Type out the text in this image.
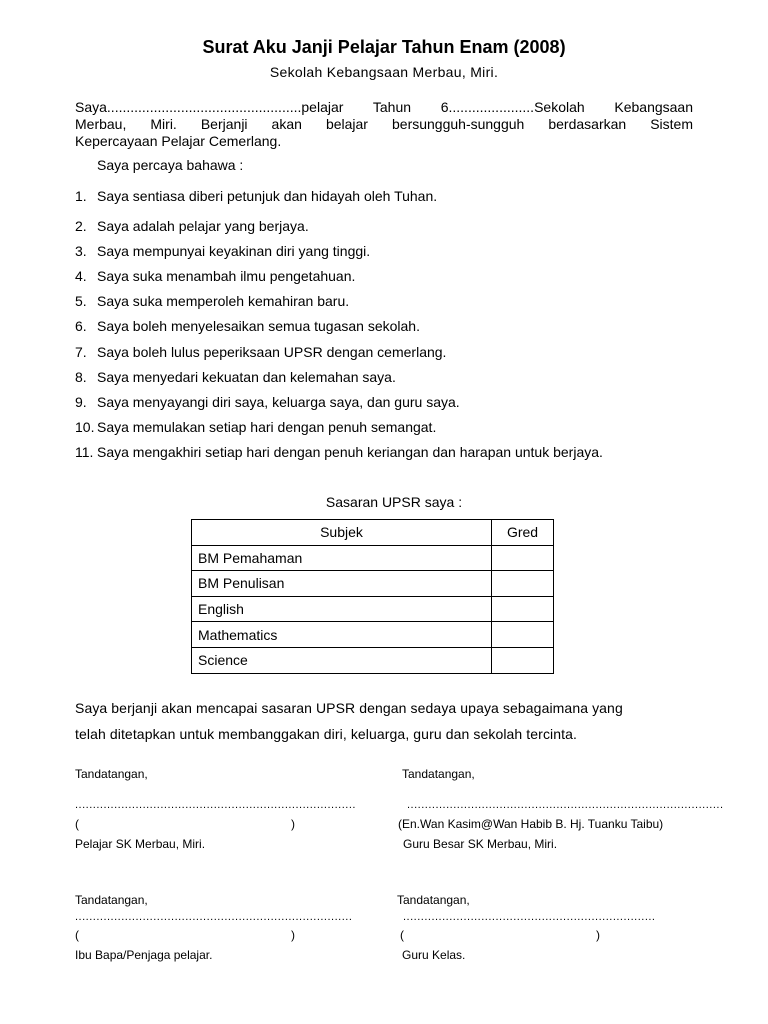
Surat Aku Janji Pelajar Tahun Enam (2008)
Sekolah Kebangsaan Merbau, Miri.
Saya..................................................pelajar Tahun 6......................Sekolah Kebangsaan
Merbau, Miri. Berjanji akan belajar bersungguh-sungguh berdasarkan Sistem
Kepercayaan Pelajar Cemerlang.
Saya percaya bahawa :
1. Saya sentiasa diberi petunjuk dan hidayah oleh Tuhan.
2. Saya adalah pelajar yang berjaya.
3. Saya mempunyai keyakinan diri yang tinggi.
4. Saya suka menambah ilmu pengetahuan.
5. Saya suka memperoleh kemahiran baru.
6. Saya boleh menyelesaikan semua tugasan sekolah.
7. Saya boleh lulus peperiksaan UPSR dengan cemerlang.
8. Saya menyedari kekuatan dan kelemahan saya.
9. Saya menyayangi diri saya, keluarga saya, dan guru saya.
10. Saya memulakan setiap hari dengan penuh semangat.
11. Saya mengakhiri setiap hari dengan penuh keriangan dan harapan untuk berjaya.
Sasaran UPSR saya :
Subjek	Gred
BM Pemahaman	
BM Penulisan	
English	
Mathematics	
Science	
Saya berjanji akan mencapai sasaran UPSR dengan sedaya upaya sebagaimana yang
telah ditetapkan untuk membanggakan diri, keluarga, guru dan sekolah tercinta.
Tandatangan,
...............................................................................
(	)
Pelajar SK Merbau, Miri.
Tandatangan,
.........................................................................................
(En.Wan Kasim@Wan Habib B. Hj. Tuanku Taibu)
Guru Besar SK Merbau, Miri.
Tandatangan,
..............................................................................
(	)
Ibu Bapa/Penjaga pelajar.
Tandatangan,
.......................................................................
(	)
Guru Kelas.
